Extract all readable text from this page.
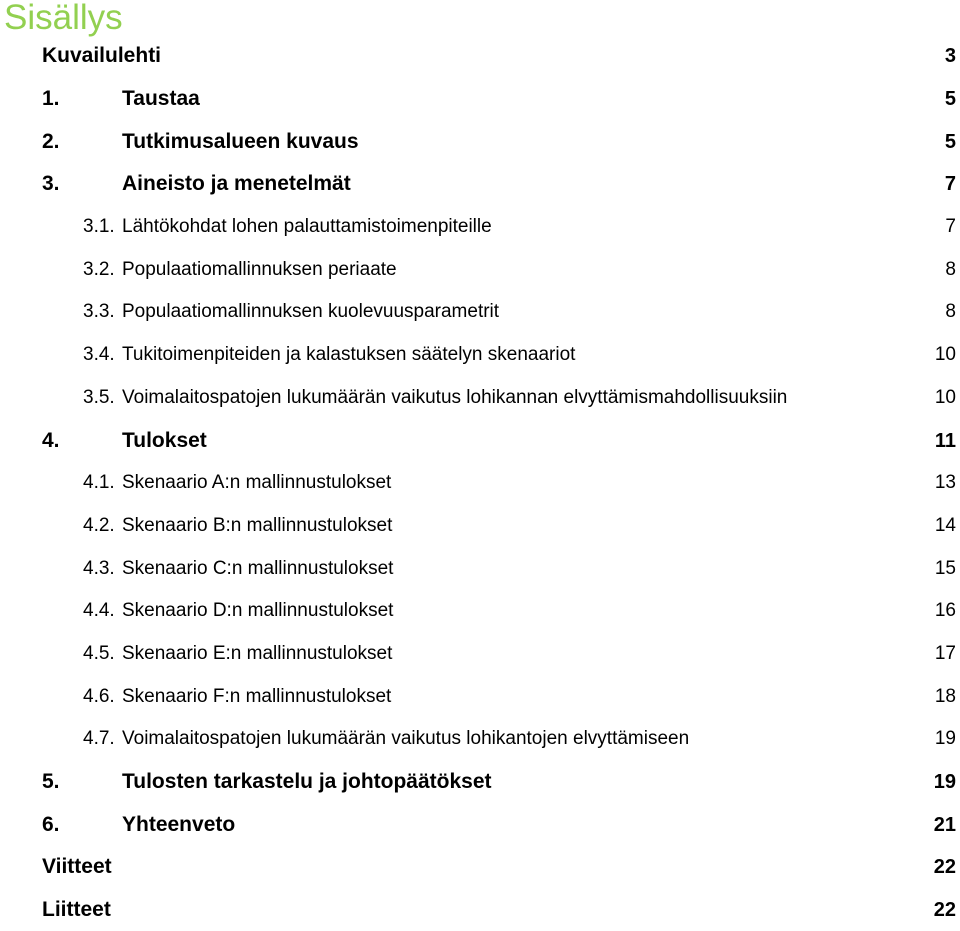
Sisällys
Kuvailulehti	3
1.	Taustaa	5
2.	Tutkimusalueen kuvaus	5
3.	Aineisto ja menetelmät	7
3.1. Lähtökohdat lohen palauttamistoimenpiteille	7
3.2. Populaatiomallinnuksen periaate	8
3.3. Populaatiomallinnuksen kuolevuusparametrit	8
3.4. Tukitoimenpiteiden ja kalastuksen säätelyn skenaariot	10
3.5. Voimalaitospatojen lukumäärän vaikutus lohikannan elvyttämismahdollisuuksiin	10
4.	Tulokset	11
4.1. Skenaario A:n mallinnustulokset	13
4.2. Skenaario B:n mallinnustulokset	14
4.3. Skenaario C:n mallinnustulokset	15
4.4. Skenaario D:n mallinnustulokset	16
4.5. Skenaario E:n mallinnustulokset	17
4.6. Skenaario F:n mallinnustulokset	18
4.7. Voimalaitospatojen lukumäärän vaikutus lohikantojen elvyttämiseen	19
5.	Tulosten tarkastelu ja johtopäätökset	19
6.	Yhteenveto	21
Viitteet	22
Liitteet	22
